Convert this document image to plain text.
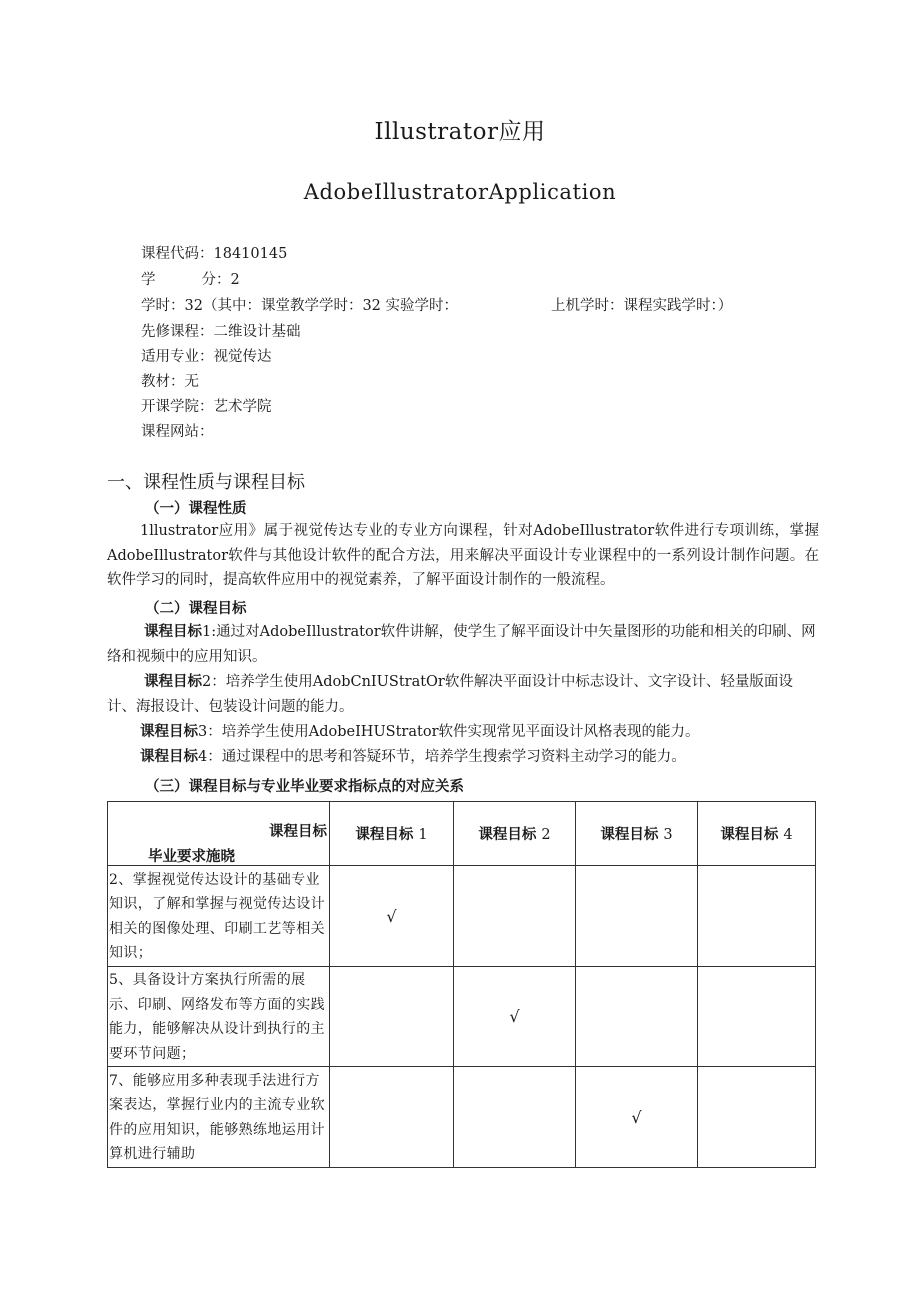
Illustrator应用
AdobeIllustratorApplication
课程代码：18410145
学	分：2
学时：32（其中：课堂教学学时：32 实验学时：	上机学时：课程实践学时：）
先修课程：二维设计基础
适用专业：视觉传达
教材：无
开课学院：艺术学院
课程网站：
一、课程性质与课程目标
（一）课程性质
1llustrator应用》属于视觉传达专业的专业方向课程，针对AdobeIllustrator软件进行专项训练，掌握AdobeIllustrator软件与其他设计软件的配合方法，用来解决平面设计专业课程中的一系列设计制作问题。在软件学习的同时，提高软件应用中的视觉素养，了解平面设计制作的一般流程。
（二）课程目标
课程目标1:通过对AdobeIllustrator软件讲解，使学生了解平面设计中矢量图形的功能和相关的印刷、网络和视频中的应用知识。
课程目标2：培养学生使用AdobCnIUStratOr软件解决平面设计中标志设计、文字设计、轻量版面设计、海报设计、包装设计问题的能力。
课程目标3：培养学生使用AdobeIHUStrator软件实现常见平面设计风格表现的能力。
课程目标4：通过课程中的思考和答疑环节，培养学生搜索学习资料主动学习的能力。
（三）课程目标与专业毕业要求指标点的对应关系
课程目标
毕业要求施晓	课程目标 1	课程目标 2	课程目标 3	课程目标 4
2、掌握视觉传达设计的基础专业知识，了解和掌握与视觉传达设计相关的图像处理、印刷工艺等相关知识；	√			
5、具备设计方案执行所需的展示、印刷、网络发布等方面的实践能力，能够解决从设计到执行的主要环节问题；		√		
7、能够应用多种表现手法进行方案表达，掌握行业内的主流专业软件的应用知识，能够熟练地运用计算机进行辅助			√	
